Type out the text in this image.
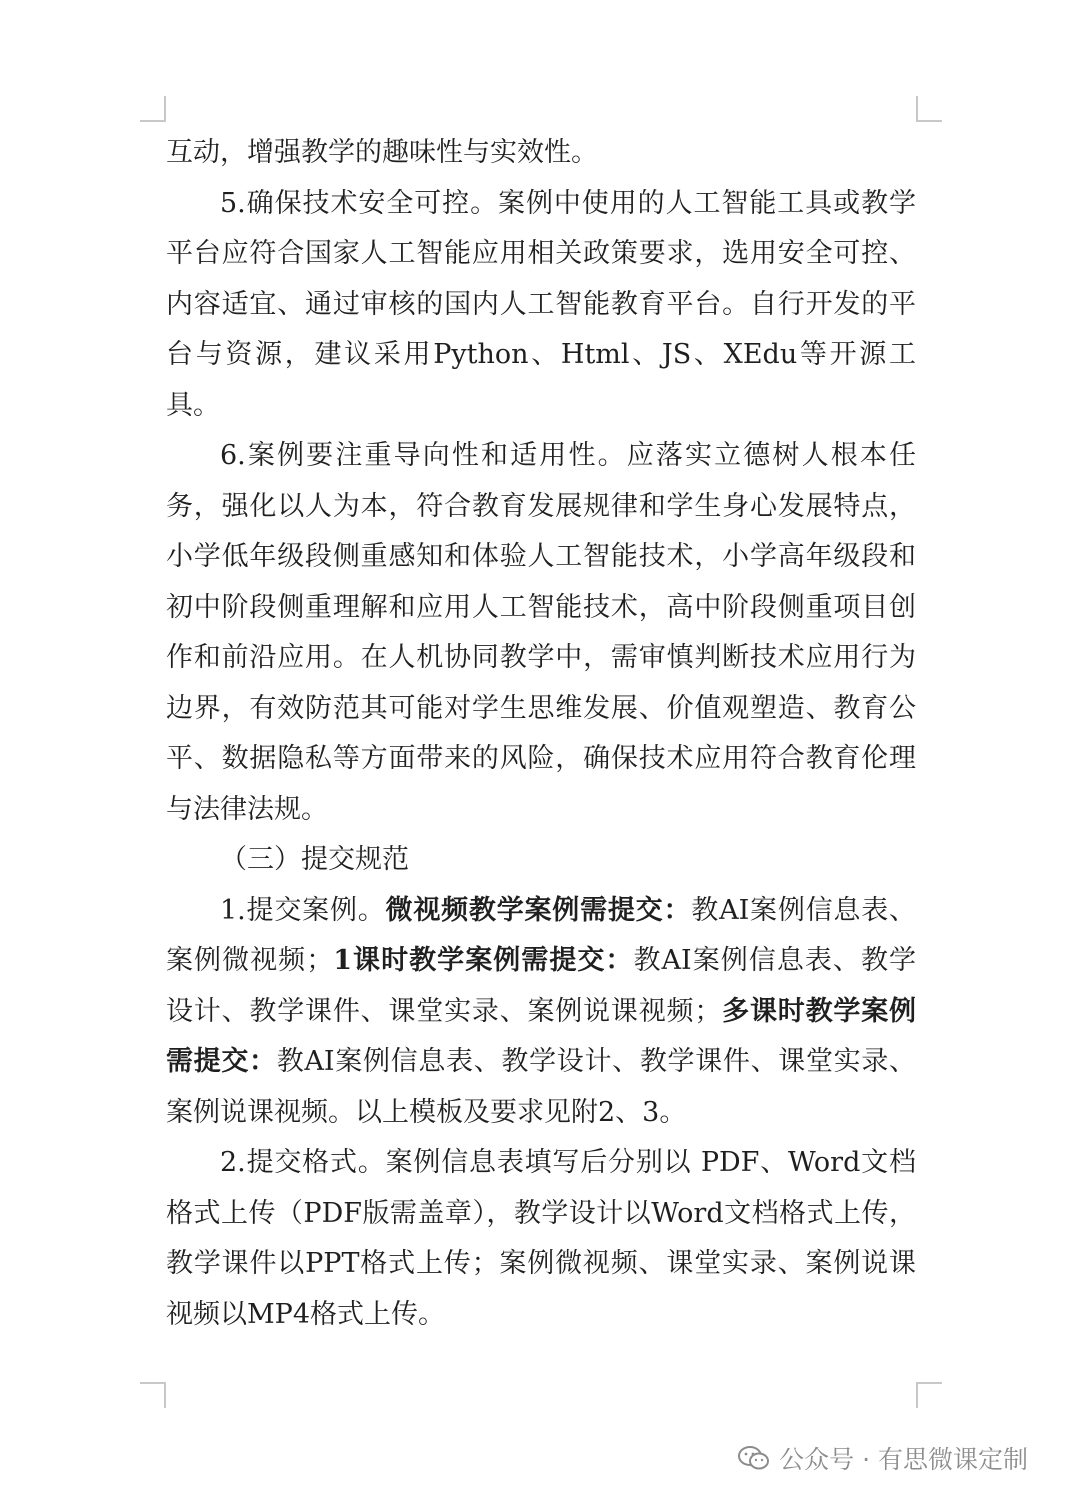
互动，增强教学的趣味性与实效性。

5.确保技术安全可控。案例中使用的人工智能工具或教学平台应符合国家人工智能应用相关政策要求，选用安全可控、内容适宜、通过审核的国内人工智能教育平台。自行开发的平台与资源，建议采用Python、Html、JS、XEdu等开源工具。

6.案例要注重导向性和适用性。应落实立德树人根本任务，强化以人为本，符合教育发展规律和学生身心发展特点，小学低年级段侧重感知和体验人工智能技术，小学高年级段和初中阶段侧重理解和应用人工智能技术，高中阶段侧重项目创作和前沿应用。在人机协同教学中，需审慎判断技术应用行为边界，有效防范其可能对学生思维发展、价值观塑造、教育公平、数据隐私等方面带来的风险，确保技术应用符合教育伦理与法律法规。

（三）提交规范

1.提交案例。微视频教学案例需提交：教AI案例信息表、案例微视频；1课时教学案例需提交：教AI案例信息表、教学设计、教学课件、课堂实录、案例说课视频；多课时教学案例需提交：教AI案例信息表、教学设计、教学课件、课堂实录、案例说课视频。以上模板及要求见附2、3。

2.提交格式。案例信息表填写后分别以 PDF、Word文档格式上传（PDF版需盖章），教学设计以Word文档格式上传，教学课件以PPT格式上传；案例微视频、课堂实录、案例说课视频以MP4格式上传。

公众号 · 有思微课定制
